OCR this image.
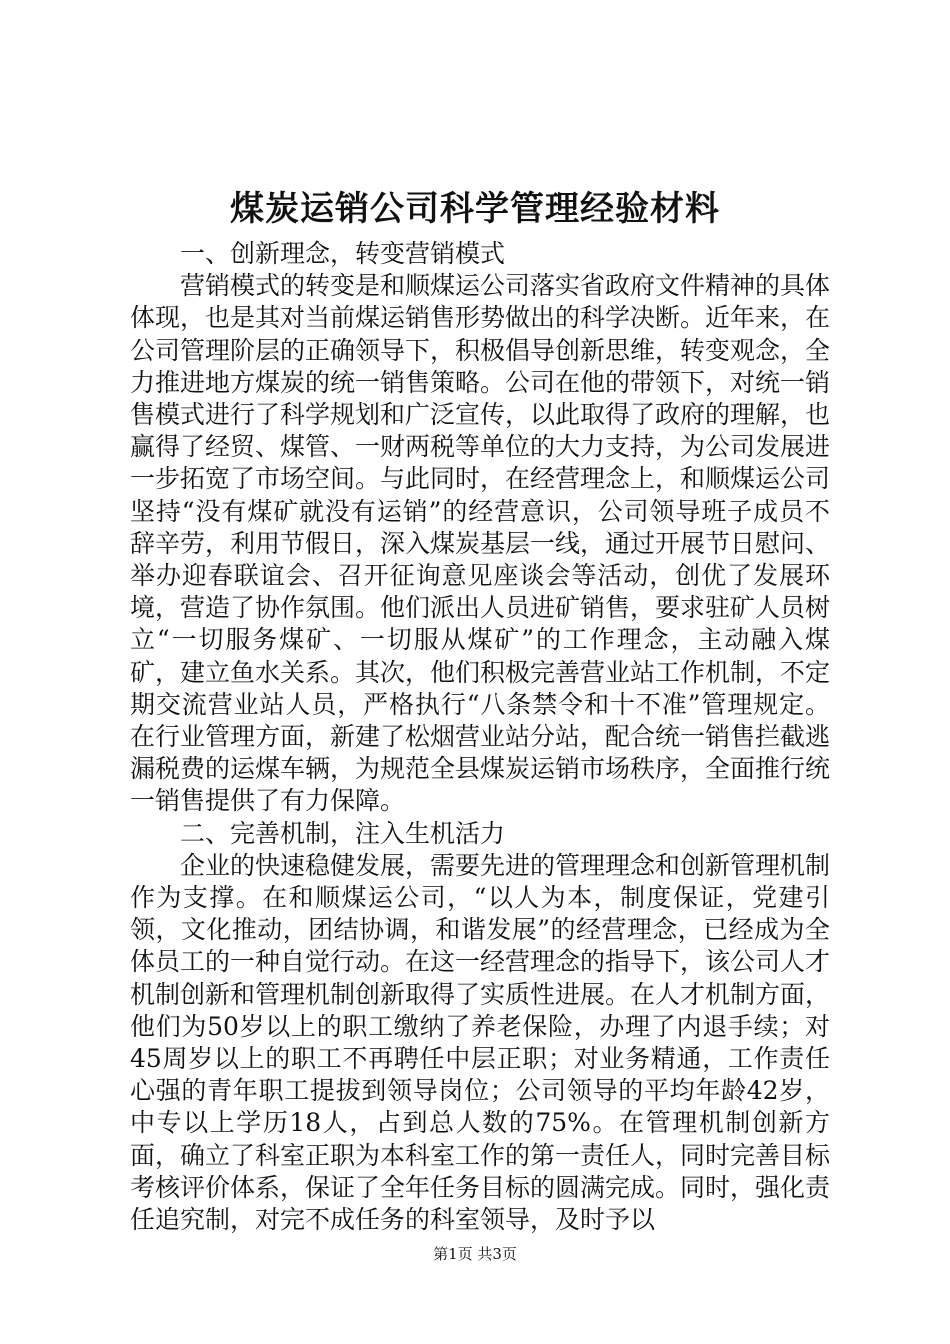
煤炭运销公司科学管理经验材料

一、创新理念，转变营销模式

营销模式的转变是和顺煤运公司落实省政府文件精神的具体体现，也是其对当前煤运销售形势做出的科学决断。近年来，在公司管理阶层的正确领导下，积极倡导创新思维，转变观念，全力推进地方煤炭的统一销售策略。公司在他的带领下，对统一销售模式进行了科学规划和广泛宣传，以此取得了政府的理解，也赢得了经贸、煤管、一财两税等单位的大力支持，为公司发展进一步拓宽了市场空间。与此同时，在经营理念上，和顺煤运公司坚持“没有煤矿就没有运销”的经营意识，公司领导班子成员不辞辛劳，利用节假日，深入煤炭基层一线，通过开展节日慰问、举办迎春联谊会、召开征询意见座谈会等活动，创优了发展环境，营造了协作氛围。他们派出人员进矿销售，要求驻矿人员树立“一切服务煤矿、一切服从煤矿”的工作理念，主动融入煤矿，建立鱼水关系。其次，他们积极完善营业站工作机制，不定期交流营业站人员，严格执行“八条禁令和十不准”管理规定。在行业管理方面，新建了松烟营业站分站，配合统一销售拦截逃漏税费的运煤车辆，为规范全县煤炭运销市场秩序，全面推行统一销售提供了有力保障。

二、完善机制，注入生机活力

企业的快速稳健发展，需要先进的管理理念和创新管理机制作为支撑。在和顺煤运公司，“以人为本，制度保证，党建引领，文化推动，团结协调，和谐发展”的经营理念，已经成为全体员工的一种自觉行动。在这一经营理念的指导下，该公司人才机制创新和管理机制创新取得了实质性进展。在人才机制方面，他们为50岁以上的职工缴纳了养老保险，办理了内退手续；对45周岁以上的职工不再聘任中层正职；对业务精通，工作责任心强的青年职工提拔到领导岗位；公司领导的平均年龄42岁，中专以上学历18人，占到总人数的75%。在管理机制创新方面，确立了科室正职为本科室工作的第一责任人，同时完善目标考核评价体系，保证了全年任务目标的圆满完成。同时，强化责任追究制，对完不成任务的科室领导，及时予以

第1页 共3页
